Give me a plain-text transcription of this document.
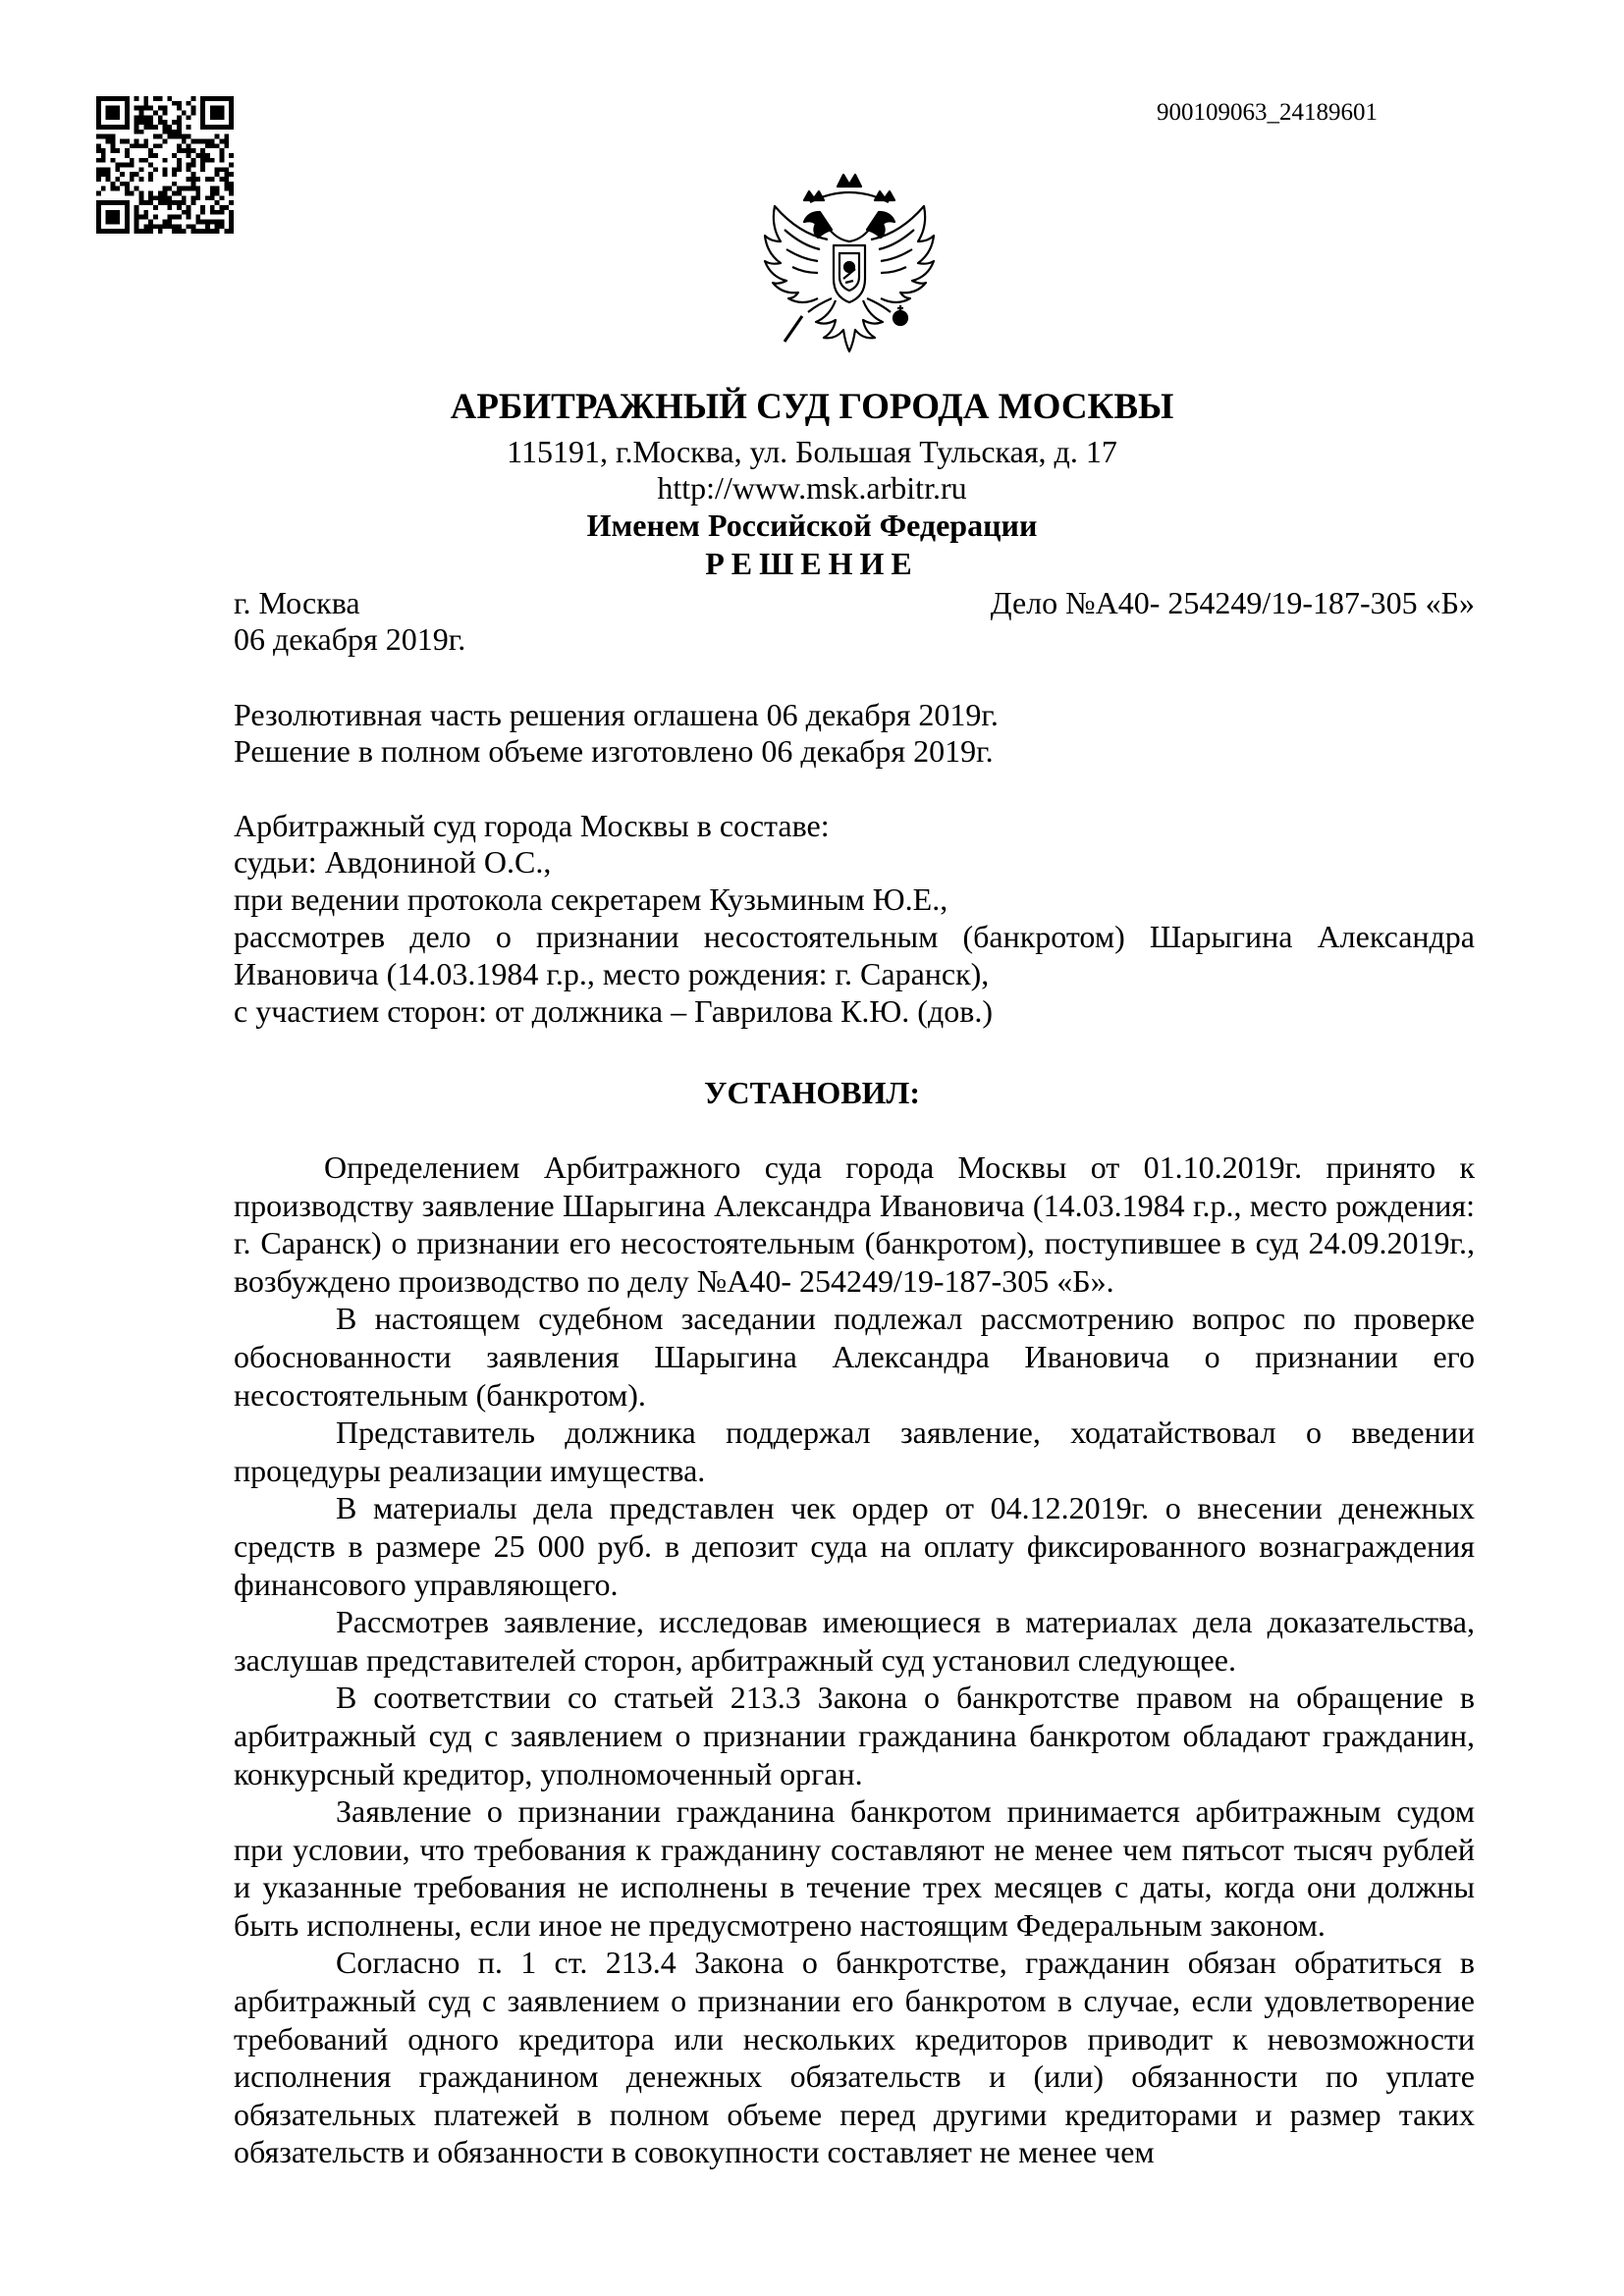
900109063_24189601
АРБИТРАЖНЫЙ СУД ГОРОДА МОСКВЫ
115191, г.Москва, ул. Большая Тульская, д. 17
http://www.msk.arbitr.ru
Именем Российской Федерации
РЕШЕНИЕ
г. Москва	Дело №А40- 254249/19-187-305 «Б»
06 декабря 2019г.
Резолютивная часть решения оглашена 06 декабря 2019г.
Решение в полном объеме изготовлено 06 декабря 2019г.
Арбитражный суд города Москвы в составе:
судьи: Авдониной О.С.,
при ведении протокола секретарем Кузьминым Ю.Е.,
рассмотрев дело о признании несостоятельным (банкротом) Шарыгина Александра
Ивановича (14.03.1984 г.р., место рождения: г. Саранск),
с участием сторон: от должника – Гаврилова К.Ю. (дов.)
УСТАНОВИЛ:

Определением Арбитражного суда города Москвы от 01.10.2019г. принято к производству заявление Шарыгина Александра Ивановича (14.03.1984 г.р., место рождения: г. Саранск) о признании его несостоятельным (банкротом), поступившее в суд 24.09.2019г., возбуждено производство по делу №А40- 254249/19-187-305 «Б».

В настоящем судебном заседании подлежал рассмотрению вопрос по проверке обоснованности заявления Шарыгина Александра Ивановича о признании его несостоятельным (банкротом).

Представитель должника поддержал заявление, ходатайствовал о введении процедуры реализации имущества.

В материалы дела представлен чек ордер от 04.12.2019г. о внесении денежных средств в размере 25 000 руб. в депозит суда на оплату фиксированного вознаграждения финансового управляющего.

Рассмотрев заявление, исследовав имеющиеся в материалах дела доказательства, заслушав представителей сторон, арбитражный суд установил следующее.

В соответствии со статьей 213.3 Закона о банкротстве правом на обращение в арбитражный суд с заявлением о признании гражданина банкротом обладают гражданин, конкурсный кредитор, уполномоченный орган.

Заявление о признании гражданина банкротом принимается арбитражным судом при условии, что требования к гражданину составляют не менее чем пятьсот тысяч рублей и указанные требования не исполнены в течение трех месяцев с даты, когда они должны быть исполнены, если иное не предусмотрено настоящим Федеральным законом.

Согласно п. 1 ст. 213.4 Закона о банкротстве, гражданин обязан обратиться в арбитражный суд с заявлением о признании его банкротом в случае, если удовлетворение требований одного кредитора или нескольких кредиторов приводит к невозможности исполнения гражданином денежных обязательств и (или) обязанности по уплате обязательных платежей в полном объеме перед другими кредиторами и размер таких обязательств и обязанности в совокупности составляет не менее чем
